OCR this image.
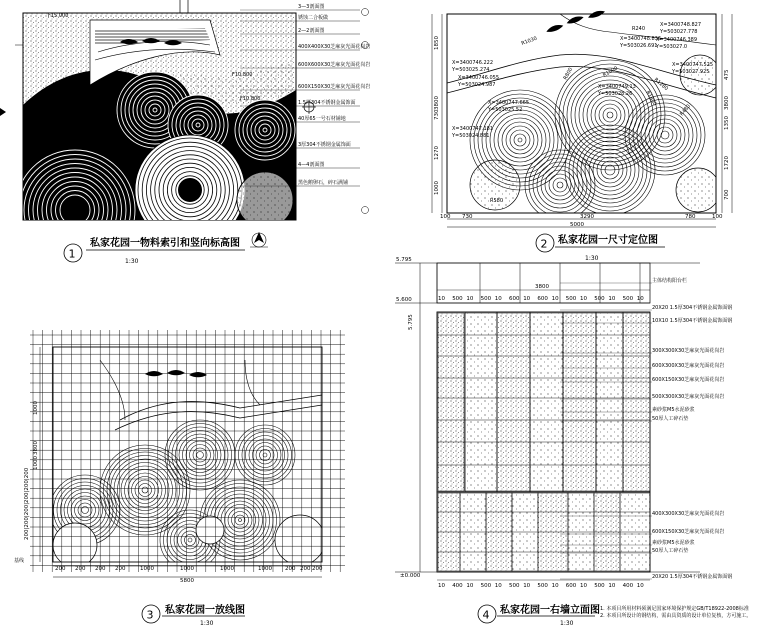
F15.000
F10.800
F10.800
F10.800
1:30
3—3剖面图
锈蚀二合板做
2—2剖面图
400X400X30芝麻灰光面花岗岩
600X600X30芝麻灰光面花岗岩
600X150X30芝麻灰光面花岗岩
1.5厚304不锈钢金属饰面
40厚65一号石材铺地
3厚304不锈钢金属饰面
4—4剖面图
黑色鹅卵石，碎石满铺
X=3400748.827
Y=503027.778
X=3400746.389
Y=503027.0
X=3400748.836
Y=503026.691
X=3400747.525
Y=503027.925
X=3400746.222
Y=503025.274
X=3400746.055
Y=503024.987
X=3400747.665
Y=503025.52
X=3400747.181
Y=503024.881
X=3400749.13
Y=503028.26
R1030
R240
R800	R1000
R1280
R1800
R480
R580
1850
730
1270
3800
1000
475
1350
1720
3800
700
100 730	3290	780	100
5000
3800
1000
1000
200|200|200|200|200|200
200 200 200 200	1000	1000	1000	1000 200 200 200
5800
基线
5.795
5.600
5.795
±0.000
3800
10 500 10 500 10 600 10 600 10 500 10 500 10 500 10
10 400 10 500 10 500 10 500 10 600 10 500 10 400 10
主体结构阳台栏
20X20 1.5厚304不锈钢金属饰面钢
10X10 1.5厚304不锈钢金属饰面钢
300X300X30芝麻灰光面花岗岩
600X300X30芝麻灰光面花岗岩
600X150X30芝麻灰光面花岗岩
500X300X30芝麻灰光面花岗岩
素砂浆M5水泥砂浆
50厚人工碎石垫
400X300X30芝麻灰光面花岗岩
600X150X30芝麻灰光面花岗岩
素砂浆M5水泥砂浆
50厚人工碎石垫
20X20 1.5厚304不锈钢金属饰面钢
1
私家花园一物料索引和竖向标高图
1:30
2 私家花园一尺寸定位图
1:30
3 私家花园一放线图
1:30
4 私家花园一右墙立面图
1:30
1. 本项目所用材料须满足国家环境保护规定GB/T18922-2008标准
2. 本项目所设计的钢结构，需由具资质的设计单位复核，方可施工。
